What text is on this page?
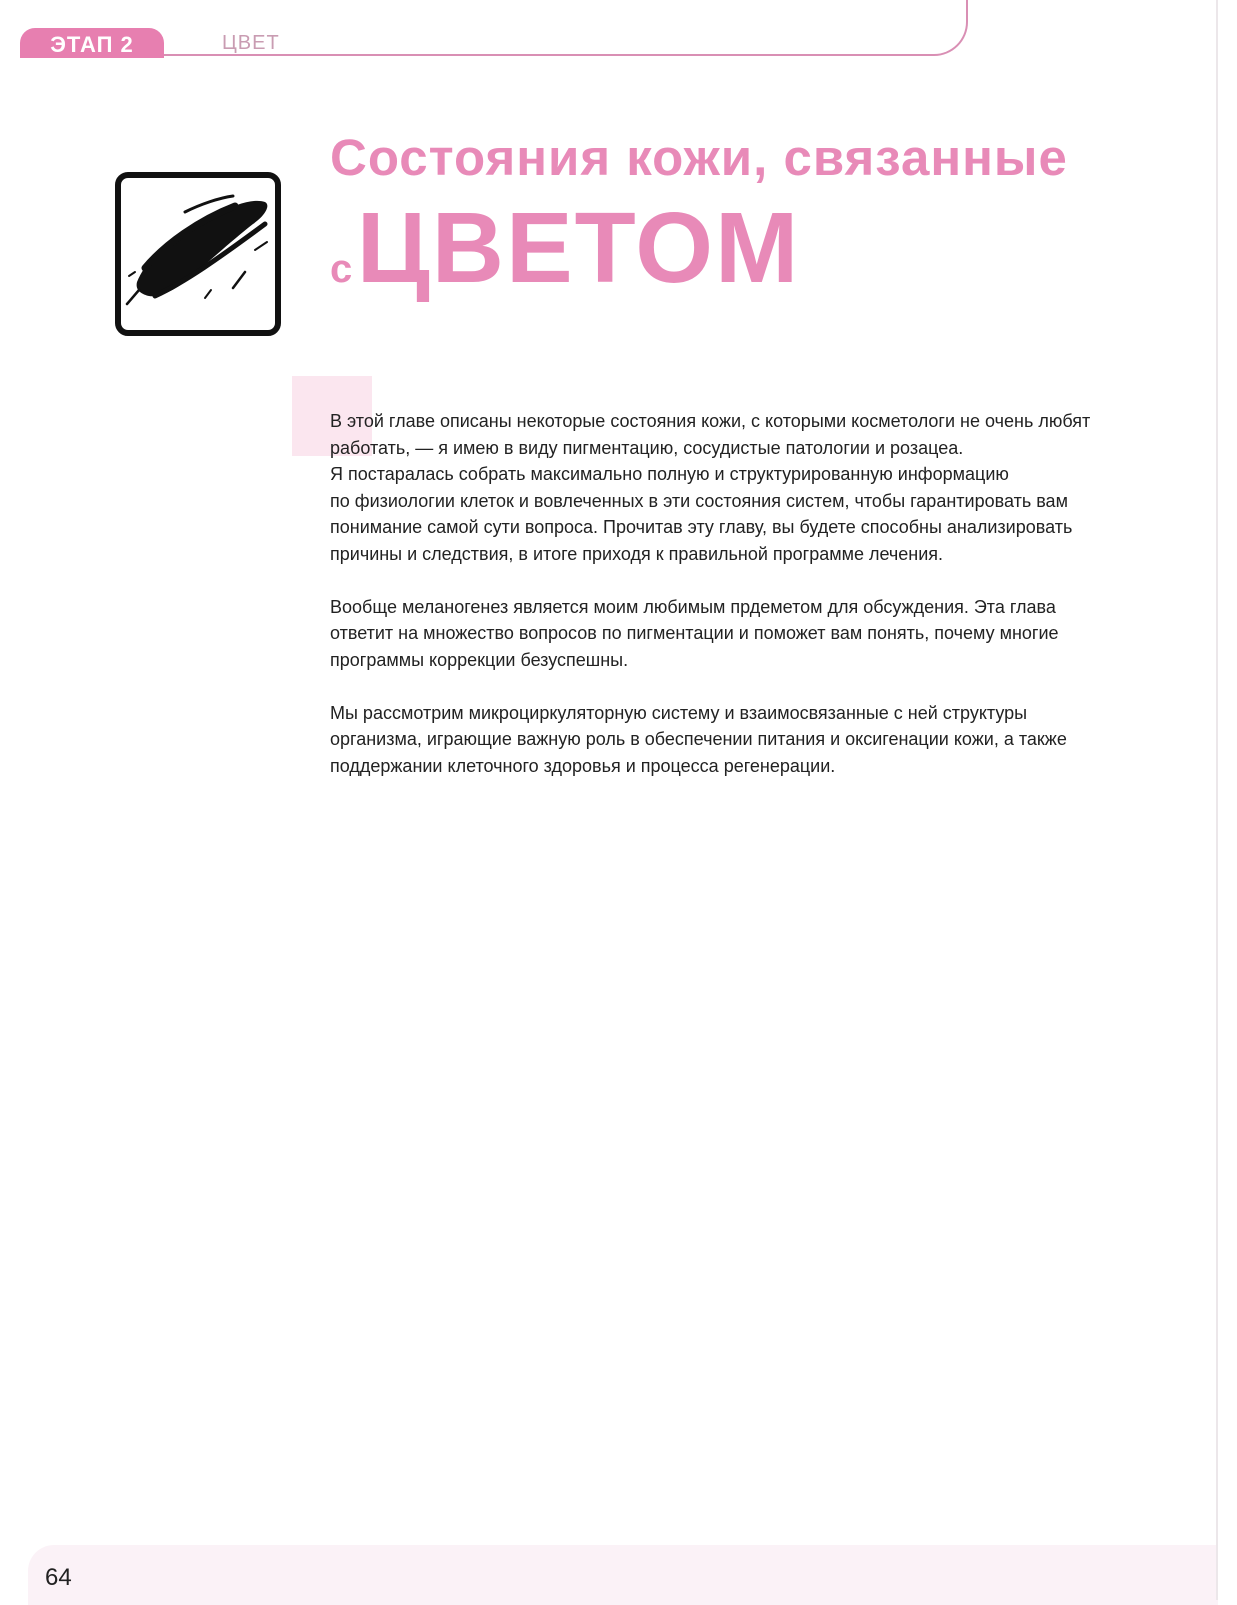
ЭТАП 2	ЦВЕТ
Состояния кожи, связанные
с ЦВЕТОМ

В этой главе описаны некоторые состояния кожи, с которыми косметологи не очень любят
работать, — я имею в виду пигментацию, сосудистые патологии и розацеа.
Я постаралась собрать максимально полную и структурированную информацию
по физиологии клеток и вовлеченных в эти состояния систем, чтобы гарантировать вам
понимание самой сути вопроса. Прочитав эту главу, вы будете способны анализировать
причины и следствия, в итоге приходя к правильной программе лечения.

Вообще меланогенез является моим любимым прдеметом для обсуждения. Эта глава
ответит на множество вопросов по пигментации и поможет вам понять, почему многие
программы коррекции безуспешны.

Мы рассмотрим микроциркуляторную систему и взаимосвязанные с ней структуры
организма, играющие важную роль в обеспечении питания и оксигенации кожи, а также
поддержании клеточного здоровья и процесса регенерации.

64
